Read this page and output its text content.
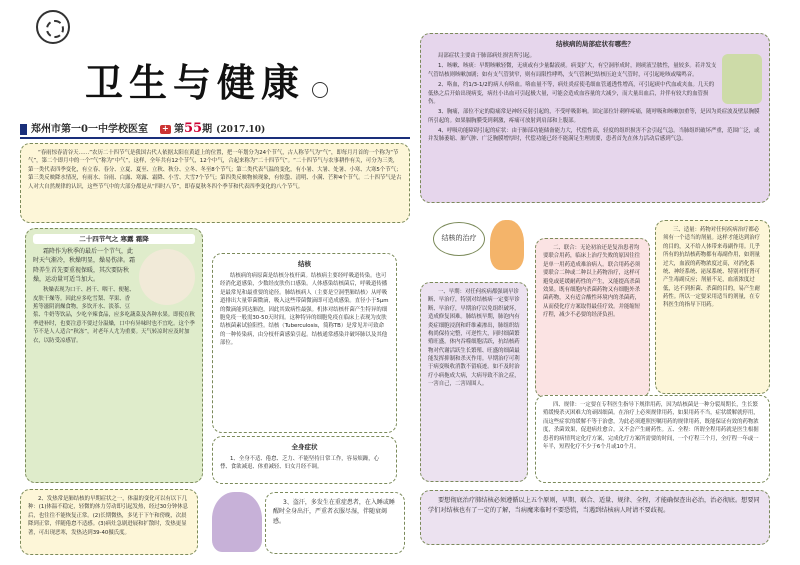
卫生与健康
郑州市第一0一中学校医室+	第55期 (2017.10)

“春雨惊春清谷天……”农历二十四节气是我国古代人依据太阳在黄道上的位置，把一年划分为24个节气，古人称节气为“气”，即每月月首的一个称为“节气”，第二个即月中的一个“气”称为“中气”，这样，全年共有12个节气，12个中气，合起来称为“二十四节气”。“二十四节气与农事耕作有关，可分为三类，第一类代表四季变化，有立春、春分、立夏、夏至、立秋、秋分、立冬、冬至8个节气；第二类代表气温的变化，有小暑、大暑、处暑、小寒、大寒5个节气；第三类反映降水情况，有雨水、谷雨、白露、寒露、霜降、小雪、大雪7个节气；第四类反映物候现象，有惊蛰、清明、小满、芒种4个节气。二十四节气是古人对大自然规律的认识，这些节气中的大部分都是从“四时八节”，即春夏秋冬四个季节和代表四季变化的八个节气。

二十四节气之 寒露 霜降

霜降作为秋季的最后一个节气，此时天气渐冷，秋燥明显，燥易伤津。霜降养生首先要重视保暖，其次要防秋燥，运动量可适当加大。

秋燥表现为口干、唇干、咽干、便秘、皮肤干燥等。因此应多吃雪梨、苹果、香蕉等滋阴润燥食物，多饮开水、淡茶、豆浆、牛奶等饮品，少吃辛辣食品，应多吃蔬菜及各种水果。即使在秋季进补时，也要注意不要过分温燥，口中有异味时也不宜吃。这个季节不是人人适合“秋冻”，对老年人尤为重要。天气转凉时应及时加衣，以防受凉感冒。

结核

结核病的病原菌是结核分枝杆菌。结核病主要经呼吸道传染。也可经消化道感染，少数经皮肤伤口感染。人体感染结核菌后，呼吸道传播是最常见和最重要的途径。肺结核病人（主要是空洞型肺结核）从呼吸道排出大量带菌微滴，吸入这些带菌微滴即可造成感染。直径小于5μm的微滴能到达肺泡，因此其致病性最强。机体对结核杆菌产生特异的细胞免疫一般需30-50天时间。这种特异的细胞免疫在临床上表现为皮肤结核菌素试验阳性。结核（Tuberculosis，简称TB）是常见并可致命的一种传染病，由分枝杆菌感染引起。结核通常感染并破坏肺以及其他部位。

全身症状

1、全身不适、倦怠、乏力、不能坚持日常工作，容易烦躁，心悸、食欲减退、体重减轻、妇女月经不调。

2、发热常是肺结核的早期症状之一，体温的变化可以有以下几种：(1)体温不稳定，轻微的体力劳动即引起发热，经过30分钟休息后，也往往不能恢复正常。(2)长期微热，多见于下午和傍晚，次晨降到正常，伴随倦怠不适感。(3)病灶急剧进展和扩散时，发热更显著，可出现恶寒，发热达到39-40摄氏度。

3、盗汗，多发生在重症患者，在入睡或睡醒时全身出汗，严重者衣服尽湿，伴随衰竭感。

结核病的局部症状有哪些？

局部症状主要由于肺部病灶损害所引起。

1、咳嗽、咳痰：早期咳嗽轻微，无痰或有少量黏液痰。病变扩大，有空洞形成时，则痰液呈脓性，量较多。若并发支气管结核则咳嗽加剧；如有支气管狭窄，则有局限性哮鸣，支气管淋巴结核压迫支气管时，可引起呛咳或喘鸣音。

2、咯血，约1/3-1/2的病人有咯血。咯血量不等，病灶炎症使毛细血管通透性增高，可引起痰中代血或夹血。几天的低热之后开始出现病变，病灶小出血可引起极大量，可能会造成血容量的大减少，而大量出血后，并伴有较大的血管损伤。

3、胸痛，部位不定的隐痛常是神经反射引起的，不受呼吸影响。固定部位针刺样疼痛，随呼吸和咳嗽加重等，是因为炎症波及壁层胸膜所引起的。如果膈胸膜受到刺激，疼痛可放射到肩部和上腹部。

4、呼吸功能障碍引起的症状：由于肺部功能储备能力大，代偿性高，轻度的组织损害不会引起气急。当肺组织破坏严重，范围广泛，或并发肺萎缩、肺气肿、广泛胸膜增厚时，代偿功能已经不能满足生理需要，患者首先在体力活动后感到气急。

结核的治疗

一、早期：对任何疾病都强调早诊断、早治疗，特别对结核病一定要早诊断、早治疗，早期治疗以免组织破坏，造成修复困难。肺结核早期，肺泡内有炎症细胞浸润和纤维素渗出，肺组织结构尚保持完整，可逆性大，同时细菌繁殖旺盛，体内吞噬细胞活跃，抗结核药物对代谢活跃生长繁殖、旺盛的细菌最能发挥抑制和杀灭作用。早期治疗可利于病变吸收消散不留痕迹。如不及时治疗小病拖成大病，大病导致不治之症，一害自己，二害周围人。

二、联合：无论初治还是复治患者均要联合用药，临床上治疗失败的原因往往是单一用药造成难治病人。联合用药必须要联合二种或二种以上药物治疗，这样可避免或延缓耐药性的产生，又能提高杀菌效果。既有细胞内杀菌药物又有细胞外杀菌药物，又有适合酸性环境内的杀菌药，从而使化疗方案取得最佳疗效。并能缩短疗程，减少不必要的经济负担。

三、适量：药物对任何疾病治疗都必须有一个适当的剂量。这样才能达到治疗的目的，又不给人体带来毒副作用。几乎所有的抗结核药物都有毒副作用，如剂量过大，血液的药物浓度过高，对消化系统、神经系统、泌尿系统、特别对肝肾可产生毒副反应；剂量不足，血液浓度过低，达不到折菌、杀菌的目的，易产生耐药性。所以一定要采用适当的剂量，在专科医生的指导下用药。

四、规律：一定要在专科医生指导下规律用药，因为结核菌是一种分裂周期长，生长繁殖缓慢杀灭困难大的顽固细菌。在治疗上必须规律用药，如果用药不当，症状缓解就停用，而这些症状的缓解不等于治愈，为此必须遵照医嘱用药的规律用药，既能保证有效的药物浓度，杀菌效果，促进病灶愈合，又不会产生耐药性。五、全程：所谓全程用药就是医生根据患者的病情判定化疗方案，完成化疗方案所需要的时间，一个疗程三个月，全疗程一年或一年半，短程化疗不少于6个月或10个月。

要想彻底治疗肺结核必须遵循以上五个原则，早期、联合、适量、规律、全程，才能确保查出必治，治必彻底。想要同学们对结核也有了一定的了解，当病魔来临时不要恐慌，当遇到结核病人时请不要歧视。
